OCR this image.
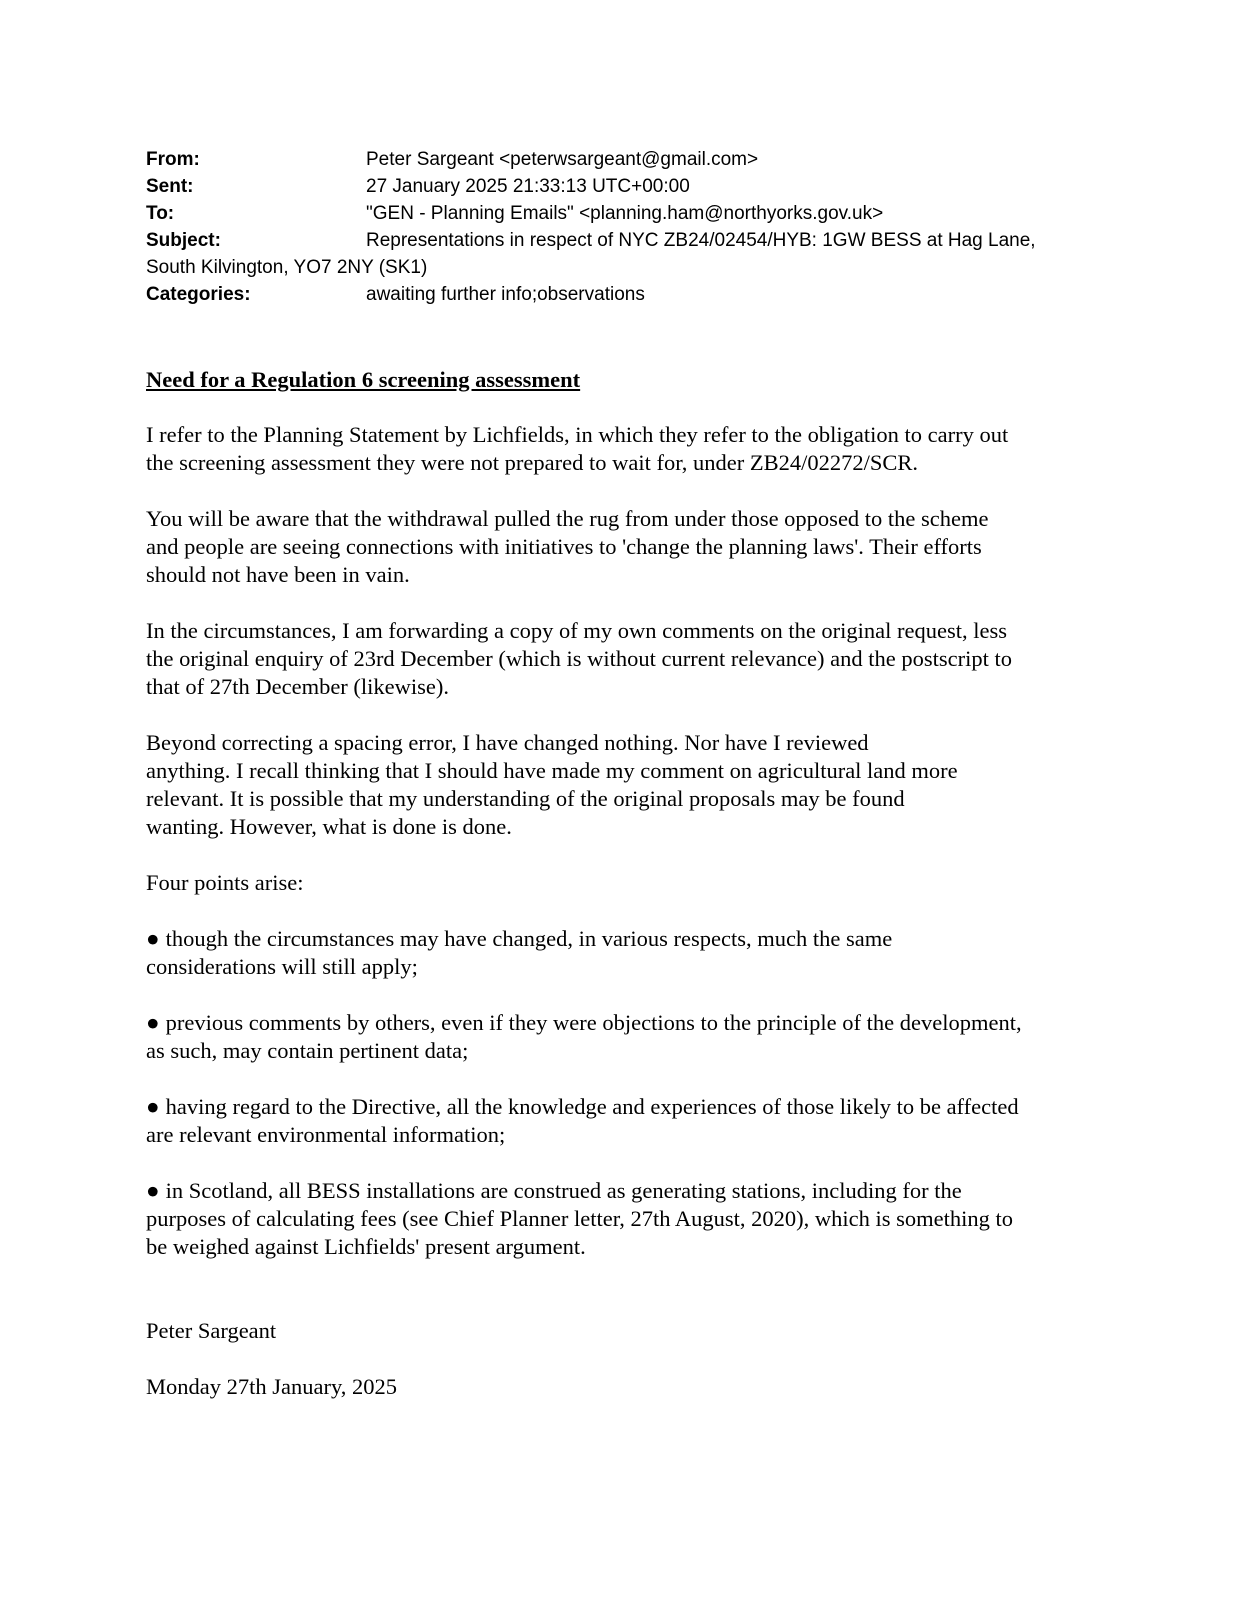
From:	Peter Sargeant <peterwsargeant@gmail.com>
Sent:	27 January 2025 21:33:13 UTC+00:00
To:	"GEN - Planning Emails" <planning.ham@northyorks.gov.uk>
Subject:	Representations in respect of NYC ZB24/02454/HYB: 1GW BESS at Hag Lane,
South Kilvington, YO7 2NY (SK1)
Categories:	awaiting further info;observations
Need for a Regulation 6 screening assessment
I refer to the Planning Statement by Lichfields, in which they refer to the obligation to carry out
the screening assessment they were not prepared to wait for, under ZB24/02272/SCR.
You will be aware that the withdrawal pulled the rug from under those opposed to the scheme
and people are seeing connections with initiatives to 'change the planning laws'. Their efforts
should not have been in vain.
In the circumstances, I am forwarding a copy of my own comments on the original request, less
the original enquiry of 23rd December (which is without current relevance) and the postscript to
that of 27th December (likewise).
Beyond correcting a spacing error, I have changed nothing. Nor have I reviewed
anything. I recall thinking that I should have made my comment on agricultural land more
relevant. It is possible that my understanding of the original proposals may be found
wanting. However, what is done is done.
Four points arise:
● though the circumstances may have changed, in various respects, much the same
considerations will still apply;
● previous comments by others, even if they were objections to the principle of the development,
as such, may contain pertinent data;
● having regard to the Directive, all the knowledge and experiences of those likely to be affected
are relevant environmental information;
● in Scotland, all BESS installations are construed as generating stations, including for the
purposes of calculating fees (see Chief Planner letter, 27th August, 2020), which is something to
be weighed against Lichfields' present argument.
Peter Sargeant
Monday 27th January, 2025
